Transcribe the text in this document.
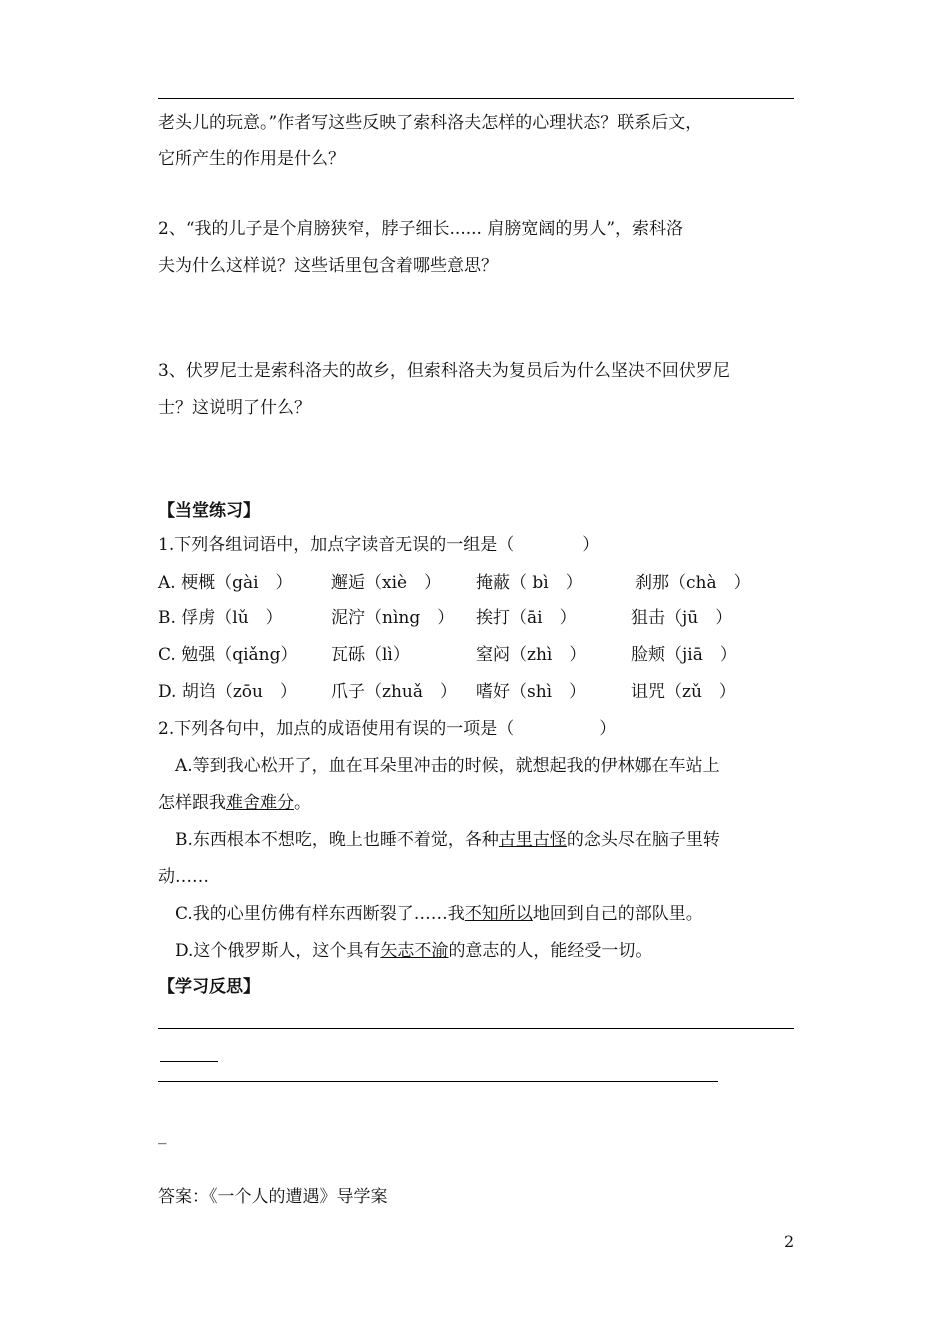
老头儿的玩意。”作者写这些反映了索科洛夫怎样的心理状态？联系后文，
它所产生的作用是什么？
2、“我的儿子是个肩膀狭窄，脖子细长...... 肩膀宽阔的男人”，索科洛
夫为什么这样说？这些话里包含着哪些意思？
3、伏罗尼士是索科洛夫的故乡，但索科洛夫为复员后为什么坚决不回伏罗尼
士？这说明了什么？
【当堂练习】
1.下列各组词语中，加点字读音无误的一组是（　　　　）
A. 梗概（gài　） 邂逅（xiè　） 掩蔽（ bì　）	刹那（chà　）
B. 俘虏（lǔ　）	泥泞（nìng　） 挨打（āi　）	狙击（jū　）
C. 勉强（qiǎng） 瓦砾（lì）	窒闷（zhì　）	脸颊（jiā　）
D. 胡诌（zōu　） 爪子（zhuǎ　） 嗜好（shì　）	诅咒（zǔ　）
2.下列各句中，加点的成语使用有误的一项是（　　　　　）
A.等到我心松开了，血在耳朵里冲击的时候，就想起我的伊林娜在车站上
怎样跟我难舍难分。
B.东西根本不想吃，晚上也睡不着觉，各种古里古怪的念头尽在脑子里转
动……
C.我的心里仿佛有样东西断裂了……我不知所以地回到自己的部队里。
D.这个俄罗斯人，这个具有矢志不渝的意志的人，能经受一切。
【学习反思】
_
答案：《一个人的遭遇》导学案
2
